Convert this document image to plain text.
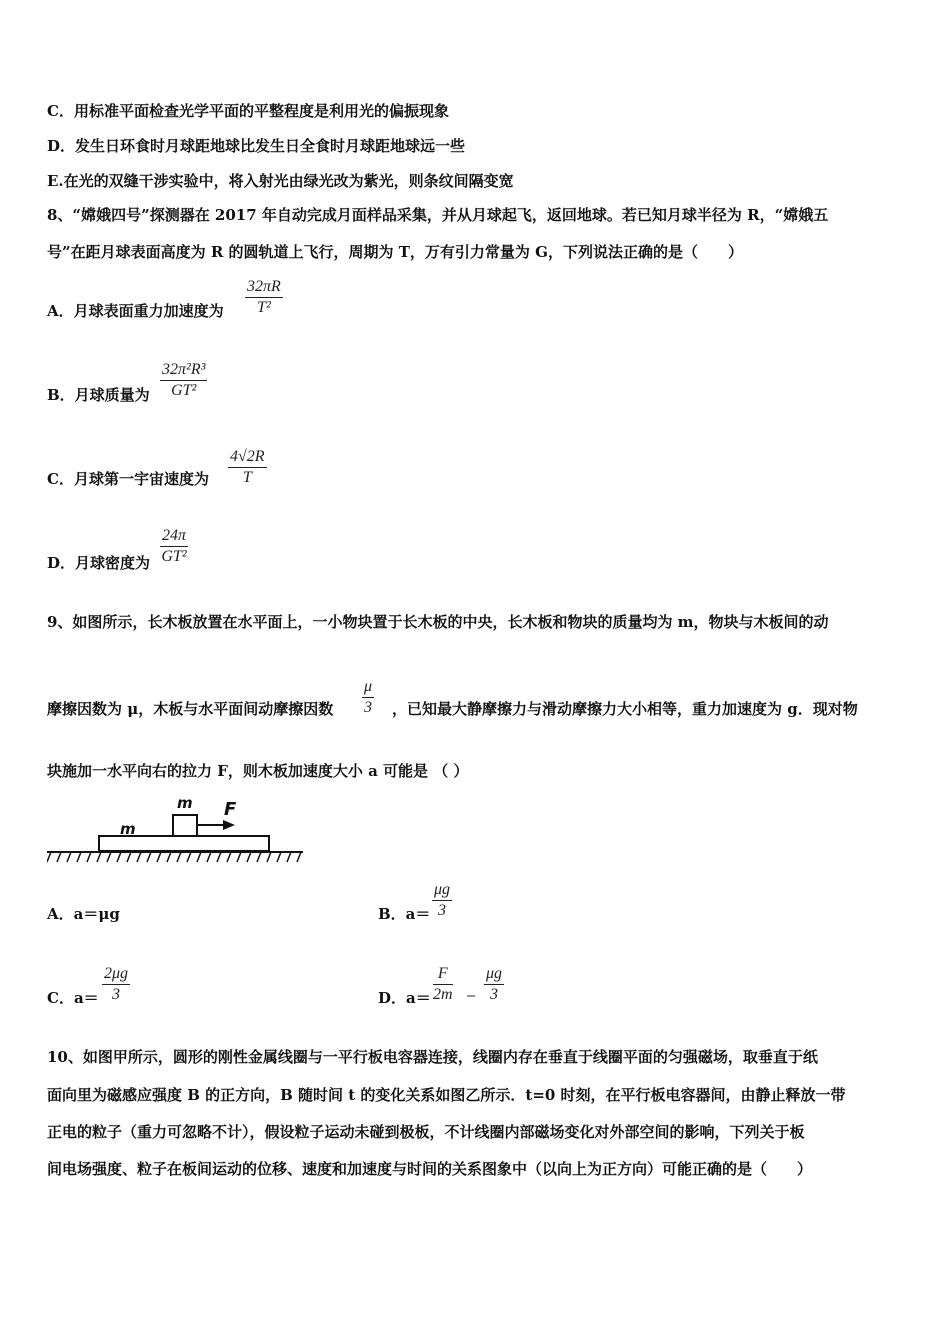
C．用标准平面检查光学平面的平整程度是利用光的偏振现象
D．发生日环食时月球距地球比发生日全食时月球距地球远一些
E.在光的双缝干涉实验中，将入射光由绿光改为紫光，则条纹间隔变宽
8、“嫦娥四号”探测器在 2017 年自动完成月面样品采集，并从月球起飞，返回地球。若已知月球半径为 R，“嫦娥五
号”在距月球表面高度为 R 的圆轨道上飞行，周期为 T，万有引力常量为 G，下列说法正确的是（　　）
A．月球表面重力加速度为 $\frac{32\pi R}{\text{T²}}$
B．月球质量为 $\frac{\text{32π²R³}}{\text{GT²}}$
C．月球第一宇宙速度为 $\frac{4√2R}{T}$
D．月球密度为 $\frac{24\pi}{\text{GT²}}$
9、如图所示，长木板放置在水平面上，一小物块置于长木板的中央，长木板和物块的质量均为 m，物块与木板间的动
摩擦因数为 μ，木板与水平面间动摩擦因数 $\frac{\mu}{3}$ ，已知最大静摩擦力与滑动摩擦力大小相等，重力加速度为 g．现对物
块施加一水平向右的拉力 F，则木板加速度大小 a 可能是 （ ）
m
m F
A．a＝μg	B．$a= \frac{\mu g}{3}$
C．$a= \frac{2\mu g}{3}$	D．$a= \frac{F}{2m} - \frac{\mu g}{3}$
10、如图甲所示，圆形的刚性金属线圈与一平行板电容器连接，线圈内存在垂直于线圈平面的匀强磁场，取垂直于纸
面向里为磁感应强度 B 的正方向，B 随时间 t 的变化关系如图乙所示．t=0 时刻，在平行板电容器间，由静止释放一带
正电的粒子（重力可忽略不计），假设粒子运动未碰到极板，不计线圈内部磁场变化对外部空间的影响，下列关于板
间电场强度、粒子在板间运动的位移、速度和加速度与时间的关系图象中（以向上为正方向）可能正确的是（　　）
